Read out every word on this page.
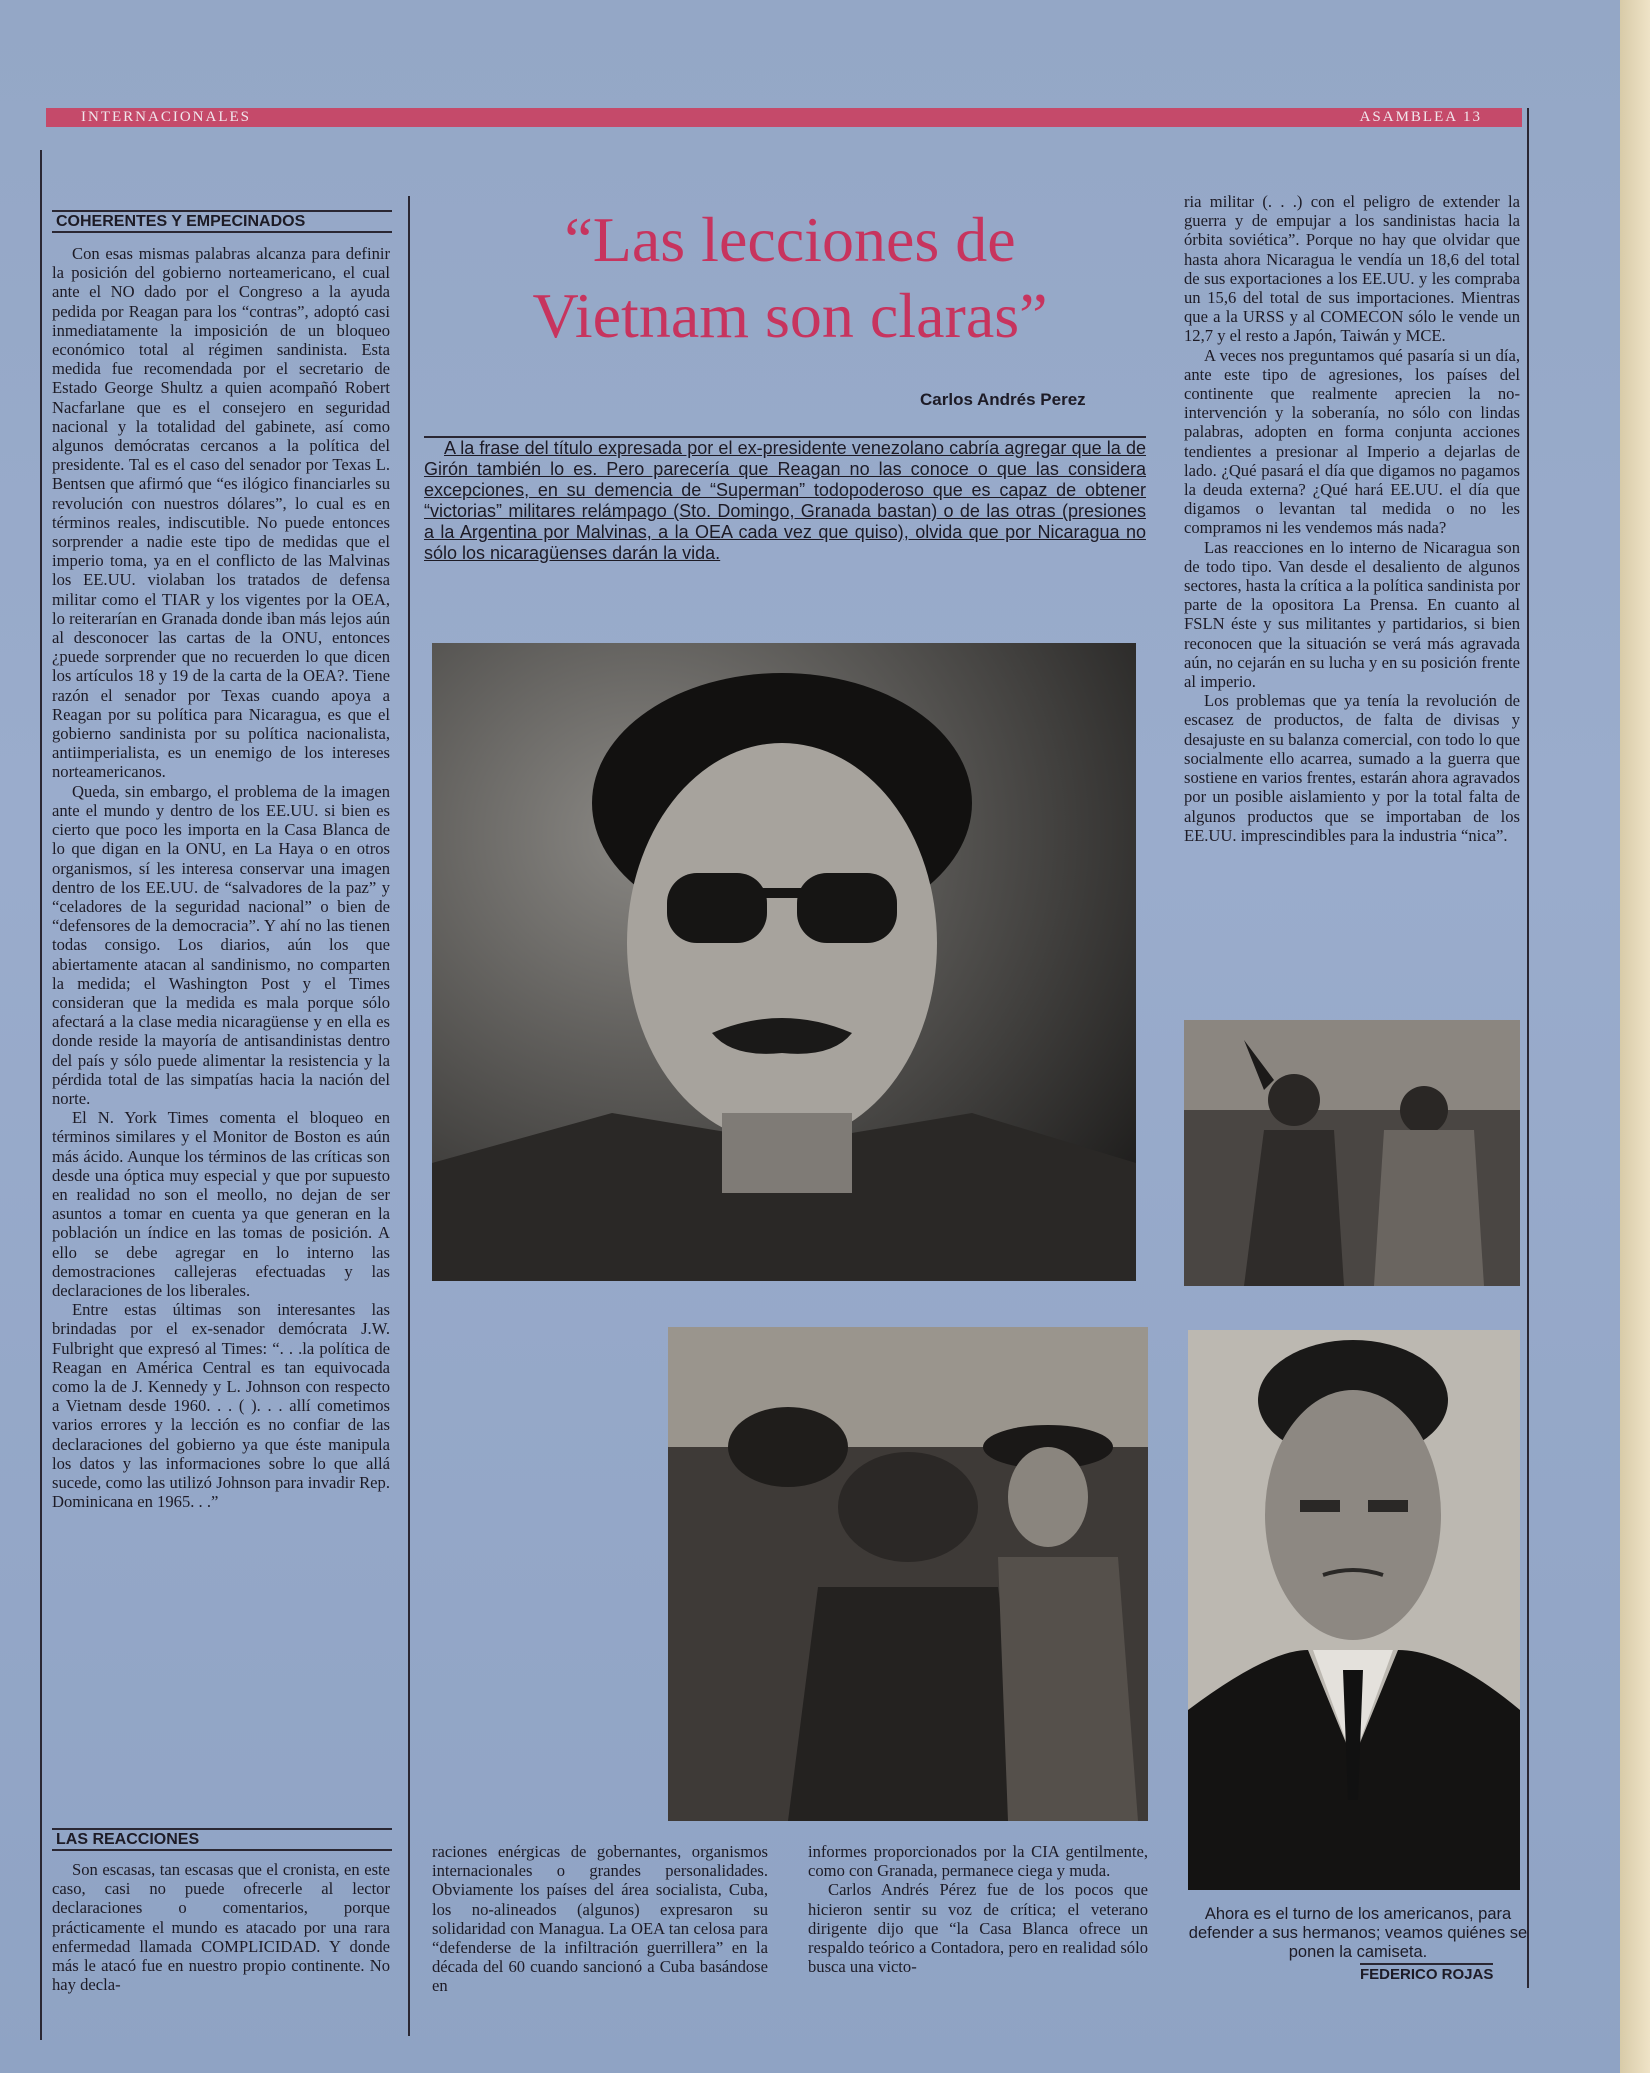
INTERNACIONALES	ASAMBLEA 13
COHERENTES Y EMPECINADOS

Con esas mismas palabras alcanza para definir la posición del gobierno norteamericano, el cual ante el NO dado por el Congreso a la ayuda pedida por Reagan para los “contras”, adoptó casi inmediatamente la imposición de un bloqueo económico total al régimen sandinista. Esta medida fue recomendada por el secretario de Estado George Shultz a quien acompañó Robert Nacfarlane que es el consejero en seguridad nacional y la totalidad del gabinete, así como algunos demócratas cercanos a la política del presidente. Tal es el caso del senador por Texas L. Bentsen que afirmó que “es ilógico financiarles su revolución con nuestros dólares”, lo cual es en términos reales, indiscutible. No puede entonces sorprender a nadie este tipo de medidas que el imperio toma, ya en el conflicto de las Malvinas los EE.UU. violaban los tratados de defensa militar como el TIAR y los vigentes por la OEA, lo reiterarían en Granada donde iban más lejos aún al desconocer las cartas de la ONU, entonces ¿puede sorprender que no recuerden lo que dicen los artículos 18 y 19 de la carta de la OEA?. Tiene razón el senador por Texas cuando apoya a Reagan por su política para Nicaragua, es que el gobierno sandinista por su política nacionalista, antiimperialista, es un enemigo de los intereses norteamericanos.

Queda, sin embargo, el problema de la imagen ante el mundo y dentro de los EE.UU. si bien es cierto que poco les importa en la Casa Blanca de lo que digan en la ONU, en La Haya o en otros organismos, sí les interesa conservar una imagen dentro de los EE.UU. de “salvadores de la paz” y “celadores de la seguridad nacional” o bien de “defensores de la democracia”. Y ahí no las tienen todas consigo. Los diarios, aún los que abiertamente atacan al sandinismo, no comparten la medida; el Washington Post y el Times consideran que la medida es mala porque sólo afectará a la clase media nicaragüense y en ella es donde reside la mayoría de antisandinistas dentro del país y sólo puede alimentar la resistencia y la pérdida total de las simpatías hacia la nación del norte.

El N. York Times comenta el bloqueo en términos similares y el Monitor de Boston es aún más ácido. Aunque los términos de las críticas son desde una óptica muy especial y que por supuesto en realidad no son el meollo, no dejan de ser asuntos a tomar en cuenta ya que generan en la población un índice en las tomas de posición. A ello se debe agregar en lo interno las demostraciones callejeras efectuadas y las declaraciones de los liberales.

Entre estas últimas son interesantes las brindadas por el ex-senador demócrata J.W. Fulbright que expresó al Times: “. . .la política de Reagan en América Central es tan equivocada como la de J. Kennedy y L. Johnson con respecto a Vietnam desde 1960. . . ( ). . . allí cometimos varios errores y la lección es no confiar de las declaraciones del gobierno ya que éste manipula los datos y las informaciones sobre lo que allá sucede, como las utilizó Johnson para invadir Rep. Dominicana en 1965. . .”

LAS REACCIONES

Son escasas, tan escasas que el cronista, en este caso, casi no puede ofrecerle al lector declaraciones o comentarios, porque prácticamente el mundo es atacado por una rara enfermedad llamada COMPLICIDAD. Y donde más le atacó fue en nuestro propio continente. No hay decla-

“Las lecciones de
Vietnam son claras”
Carlos Andrés Perez

A la frase del título expresada por el ex-presidente venezolano cabría agregar que la de Girón también lo es. Pero parecería que Reagan no las conoce o que las considera excepciones, en su demencia de “Superman” todopoderoso que es capaz de obtener “victorias” militares relámpago (Sto. Domingo, Granada bastan) o de las otras (presiones a la Argentina por Malvinas, a la OEA cada vez que quiso), olvida que por Nicaragua no sólo los nicaragüenses darán la vida.

raciones enérgicas de gobernantes, organismos internacionales o grandes personalidades. Obviamente los países del área socialista, Cuba, los no-alineados (algunos) expresaron su solidaridad con Managua. La OEA tan celosa para “defenderse de la infiltración guerrillera” en la década del 60 cuando sancionó a Cuba basándose en

informes proporcionados por la CIA gentilmente, como con Granada, permanece ciega y muda.

Carlos Andrés Pérez fue de los pocos que hicieron sentir su voz de crítica; el veterano dirigente dijo que “la Casa Blanca ofrece un respaldo teórico a Contadora, pero en realidad sólo busca una victo-

ria militar (. . .) con el peligro de extender la guerra y de empujar a los sandinistas hacia la órbita soviética”. Porque no hay que olvidar que hasta ahora Nicaragua le vendía un 18,6 del total de sus exportaciones a los EE.UU. y les compraba un 15,6 del total de sus importaciones. Mientras que a la URSS y al COMECON sólo le vende un 12,7 y el resto a Japón, Taiwán y MCE.

A veces nos preguntamos qué pasaría si un día, ante este tipo de agresiones, los países del continente que realmente aprecien la no-intervención y la soberanía, no sólo con lindas palabras, adopten en forma conjunta acciones tendientes a presionar al Imperio a dejarlas de lado. ¿Qué pasará el día que digamos no pagamos la deuda externa? ¿Qué hará EE.UU. el día que digamos o levantan tal medida o no les compramos ni les vendemos más nada?

Las reacciones en lo interno de Nicaragua son de todo tipo. Van desde el desaliento de algunos sectores, hasta la crítica a la política sandinista por parte de la opositora La Prensa. En cuanto al FSLN éste y sus militantes y partidarios, si bien reconocen que la situación se verá más agravada aún, no cejarán en su lucha y en su posición frente al imperio.

Los problemas que ya tenía la revolución de escasez de productos, de falta de divisas y desajuste en su balanza comercial, con todo lo que socialmente ello acarrea, sumado a la guerra que sostiene en varios frentes, estarán ahora agravados por un posible aislamiento y por la total falta de algunos productos que se importaban de los EE.UU. imprescindibles para la industria “nica”.

Ahora es el turno de los americanos, para defender a sus hermanos; veamos quiénes se ponen la camiseta.
FEDERICO ROJAS
